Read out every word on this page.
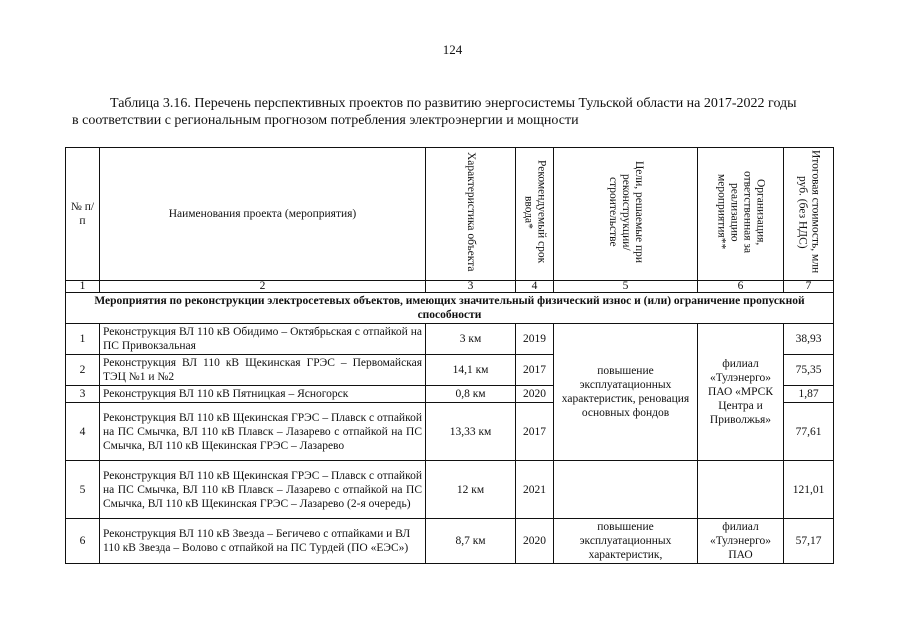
124
Таблица 3.16. Перечень перспективных проектов по развитию энергосистемы Тульской области на 2017-2022 годы
в соответствии с региональным прогнозом потребления электроэнергии и мощности
№ п/п	Наименования проекта (мероприятия)	Характеристика объекта	Рекомендуемый срок ввода*	Цели, решаемые при реконструкции/ строительстве	Организация, ответственная за реализацию мероприятия**	Итоговая стоимость, млн руб. (без НДС)
1	2	3	4	5	6	7
Мероприятия по реконструкции электросетевых объектов, имеющих значительный физический износ и (или) ограничение пропускной способности						
1	Реконструкция ВЛ 110 кВ Обидимо – Октябрьская с отпайкой на ПС Привокзальная	3 км	2019	повышение эксплуатационных характеристик, реновация основных фондов	филиал «Тулэнерго» ПАО «МРСК Центра и Приволжья»	38,93
2	Реконструкция ВЛ 110 кВ Щекинская ГРЭС – Первомайская ТЭЦ №1 и №2	14,1 км	2017			75,35
3	Реконструкция ВЛ 110 кВ Пятницкая – Ясногорск	0,8 км	2020			1,87
4	Реконструкция ВЛ 110 кВ Щекинская ГРЭС – Плавск с отпайкой на ПС Смычка, ВЛ 110 кВ Плавск – Лазарево с отпайкой на ПС Смычка, ВЛ 110 кВ Щекинская ГРЭС – Лазарево	13,33 км	2017			77,61
5	Реконструкция ВЛ 110 кВ Щекинская ГРЭС – Плавск с отпайкой на ПС Смычка, ВЛ 110 кВ Плавск – Лазарево с отпайкой на ПС Смычка, ВЛ 110 кВ Щекинская ГРЭС – Лазарево (2-я очередь)	12 км	2021			121,01
6	Реконструкция ВЛ 110 кВ Звезда – Бегичево с отпайками и ВЛ 110 кВ Звезда – Волово с отпайкой на ПС Турдей (ПО «ЕЭС»)	8,7 км	2020	повышение эксплуатационных характеристик,	филиал «Тулэнерго» ПАО	57,17
